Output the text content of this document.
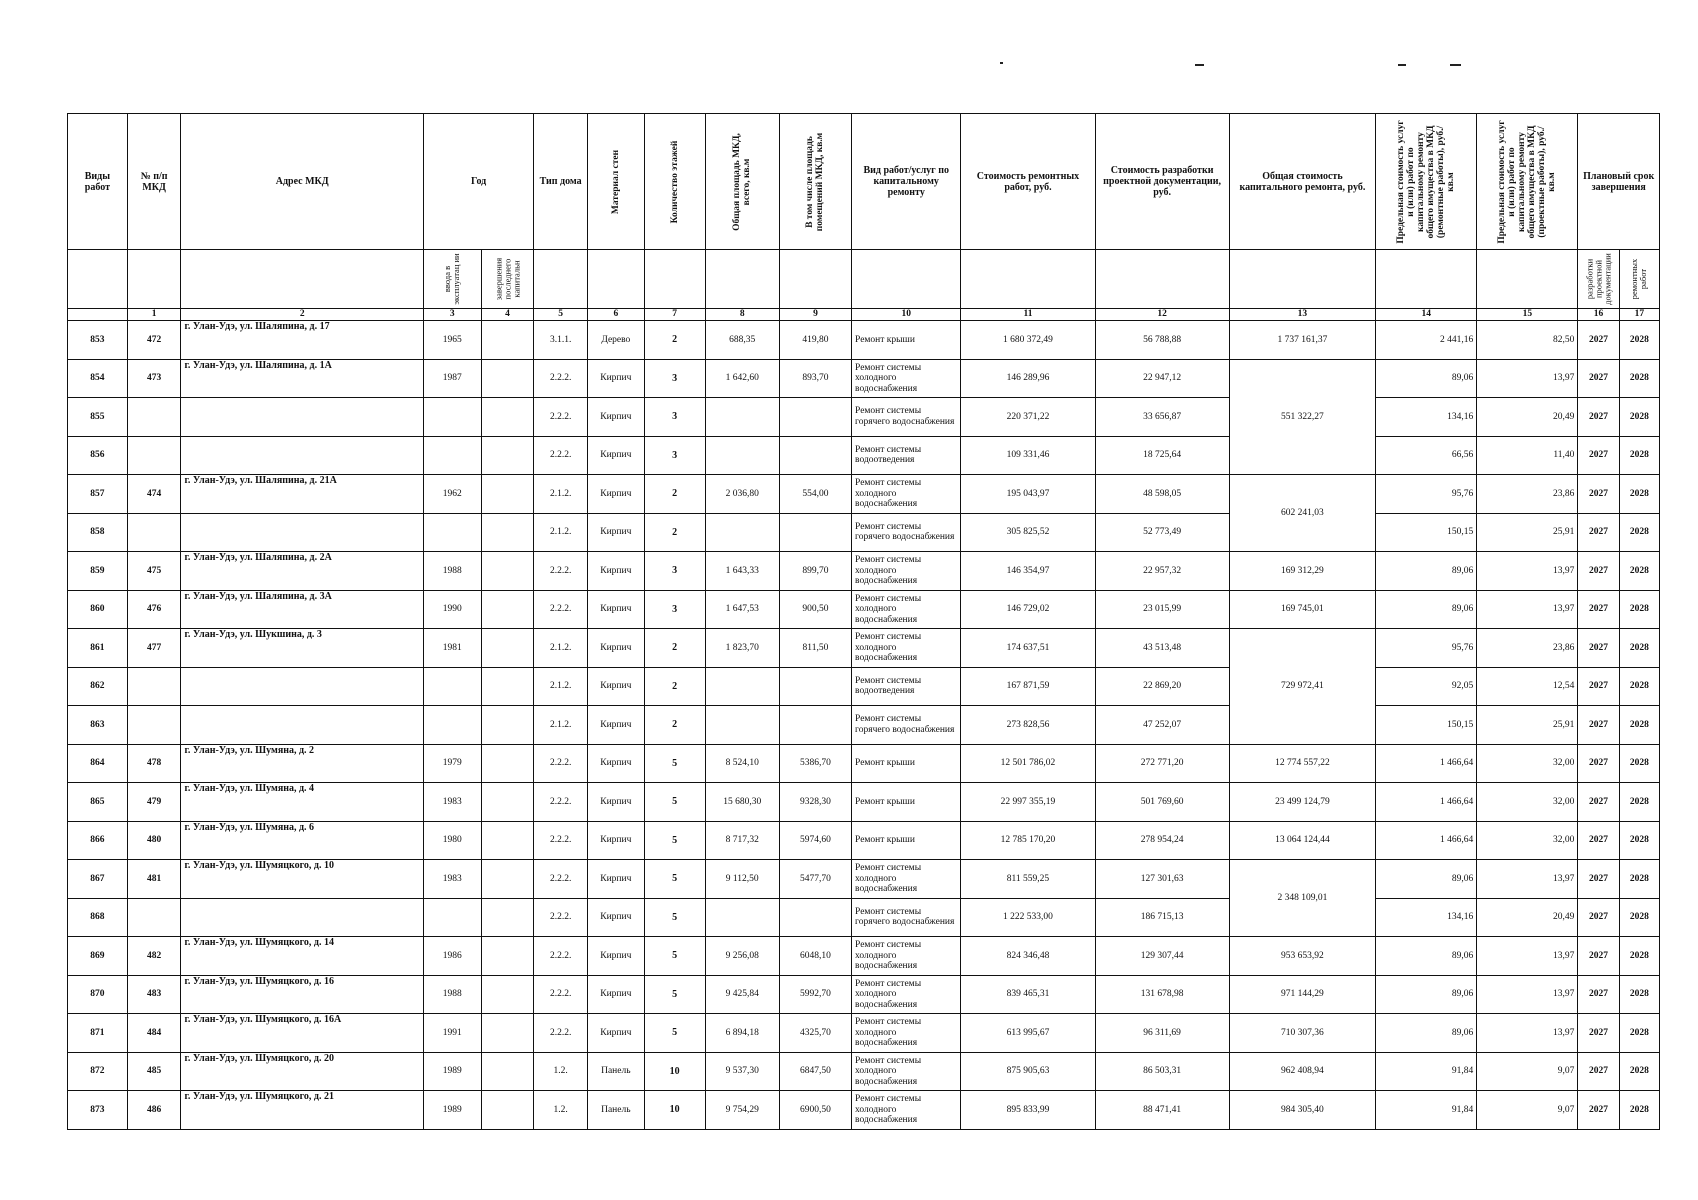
Виды работ	№ п/п МКД	Адрес МКД	Год		Тип дома	Материал стен	Количество этажей	Общая площадь МКД, всего, кв.м	В том числе площадь помещений МКД, кв.м	Вид работ/услуг по капитальному ремонту	Стоимость ремонтных работ, руб.	Стоимость разработки проектной документации, руб.	Общая стоимость капитального ремонта, руб.	Предельная стоимость услуг и (или) работ по капитальному ремонту общего имущества в МКД (ремонтные работы), руб./кв.м	Предельная стоимость услуг и (или) работ по капитальному ремонту общего имущества в МКД (проектные работы), руб./кв.м	Плановый срок завершения	

			ввода в эксплуатац ии	завершения последнего капитальн												разработки проектной документации	ремонтных работ

	1	2	3	4	5	6	7	8	9	10	11	12	13	14	15	16	17
853	472	г. Улан-Удэ, ул. Шаляпина, д. 17	1965		3.1.1.	Дерево	2	688,35	419,80	Ремонт крыши	1 680 372,49	56 788,88	1 737 161,37	2 441,16	82,50	2027	2028
854	473	г. Улан-Удэ, ул. Шаляпина, д. 1А	1987		2.2.2.	Кирпич	3	1 642,60	893,70	Ремонт системы холодного водоснабжения	146 289,96	22 947,12	551 322,27	89,06	13,97	2027	2028
855					2.2.2.	Кирпич	3			Ремонт системы горячего водоснабжения	220 371,22	33 656,87		134,16	20,49	2027	2028
856					2.2.2.	Кирпич	3			Ремонт системы водоотведения	109 331,46	18 725,64		66,56	11,40	2027	2028
857	474	г. Улан-Удэ, ул. Шаляпина, д. 21А	1962		2.1.2.	Кирпич	2	2 036,80	554,00	Ремонт системы холодного водоснабжения	195 043,97	48 598,05	602 241,03	95,76	23,86	2027	2028
858					2.1.2.	Кирпич	2			Ремонт системы горячего водоснабжения	305 825,52	52 773,49		150,15	25,91	2027	2028
859	475	г. Улан-Удэ, ул. Шаляпина, д. 2А	1988		2.2.2.	Кирпич	3	1 643,33	899,70	Ремонт системы холодного водоснабжения	146 354,97	22 957,32	169 312,29	89,06	13,97	2027	2028
860	476	г. Улан-Удэ, ул. Шаляпина, д. 3А	1990		2.2.2.	Кирпич	3	1 647,53	900,50	Ремонт системы холодного водоснабжения	146 729,02	23 015,99	169 745,01	89,06	13,97	2027	2028
861	477	г. Улан-Удэ, ул. Шукшина, д. 3	1981		2.1.2.	Кирпич	2	1 823,70	811,50	Ремонт системы холодного водоснабжения	174 637,51	43 513,48	729 972,41	95,76	23,86	2027	2028
862					2.1.2.	Кирпич	2			Ремонт системы водоотведения	167 871,59	22 869,20		92,05	12,54	2027	2028
863					2.1.2.	Кирпич	2			Ремонт системы горячего водоснабжения	273 828,56	47 252,07		150,15	25,91	2027	2028
864	478	г. Улан-Удэ, ул. Шумяна, д. 2	1979		2.2.2.	Кирпич	5	8 524,10	5386,70	Ремонт крыши	12 501 786,02	272 771,20	12 774 557,22	1 466,64	32,00	2027	2028
865	479	г. Улан-Удэ, ул. Шумяна, д. 4	1983		2.2.2.	Кирпич	5	15 680,30	9328,30	Ремонт крыши	22 997 355,19	501 769,60	23 499 124,79	1 466,64	32,00	2027	2028
866	480	г. Улан-Удэ, ул. Шумяна, д. 6	1980		2.2.2.	Кирпич	5	8 717,32	5974,60	Ремонт крыши	12 785 170,20	278 954,24	13 064 124,44	1 466,64	32,00	2027	2028
867	481	г. Улан-Удэ, ул. Шумяцкого, д. 10	1983		2.2.2.	Кирпич	5	9 112,50	5477,70	Ремонт системы холодного водоснабжения	811 559,25	127 301,63	2 348 109,01	89,06	13,97	2027	2028
868					2.2.2.	Кирпич	5			Ремонт системы горячего водоснабжения	1 222 533,00	186 715,13		134,16	20,49	2027	2028
869	482	г. Улан-Удэ, ул. Шумяцкого, д. 14	1986		2.2.2.	Кирпич	5	9 256,08	6048,10	Ремонт системы холодного водоснабжения	824 346,48	129 307,44	953 653,92	89,06	13,97	2027	2028
870	483	г. Улан-Удэ, ул. Шумяцкого, д. 16	1988		2.2.2.	Кирпич	5	9 425,84	5992,70	Ремонт системы холодного водоснабжения	839 465,31	131 678,98	971 144,29	89,06	13,97	2027	2028
871	484	г. Улан-Удэ, ул. Шумяцкого, д. 16А	1991		2.2.2.	Кирпич	5	6 894,18	4325,70	Ремонт системы холодного водоснабжения	613 995,67	96 311,69	710 307,36	89,06	13,97	2027	2028
872	485	г. Улан-Удэ, ул. Шумяцкого, д. 20	1989		1.2.	Панель	10	9 537,30	6847,50	Ремонт системы холодного водоснабжения	875 905,63	86 503,31	962 408,94	91,84	9,07	2027	2028
873	486	г. Улан-Удэ, ул. Шумяцкого, д. 21	1989		1.2.	Панель	10	9 754,29	6900,50	Ремонт системы холодного водоснабжения	895 833,99	88 471,41	984 305,40	91,84	9,07	2027	2028
